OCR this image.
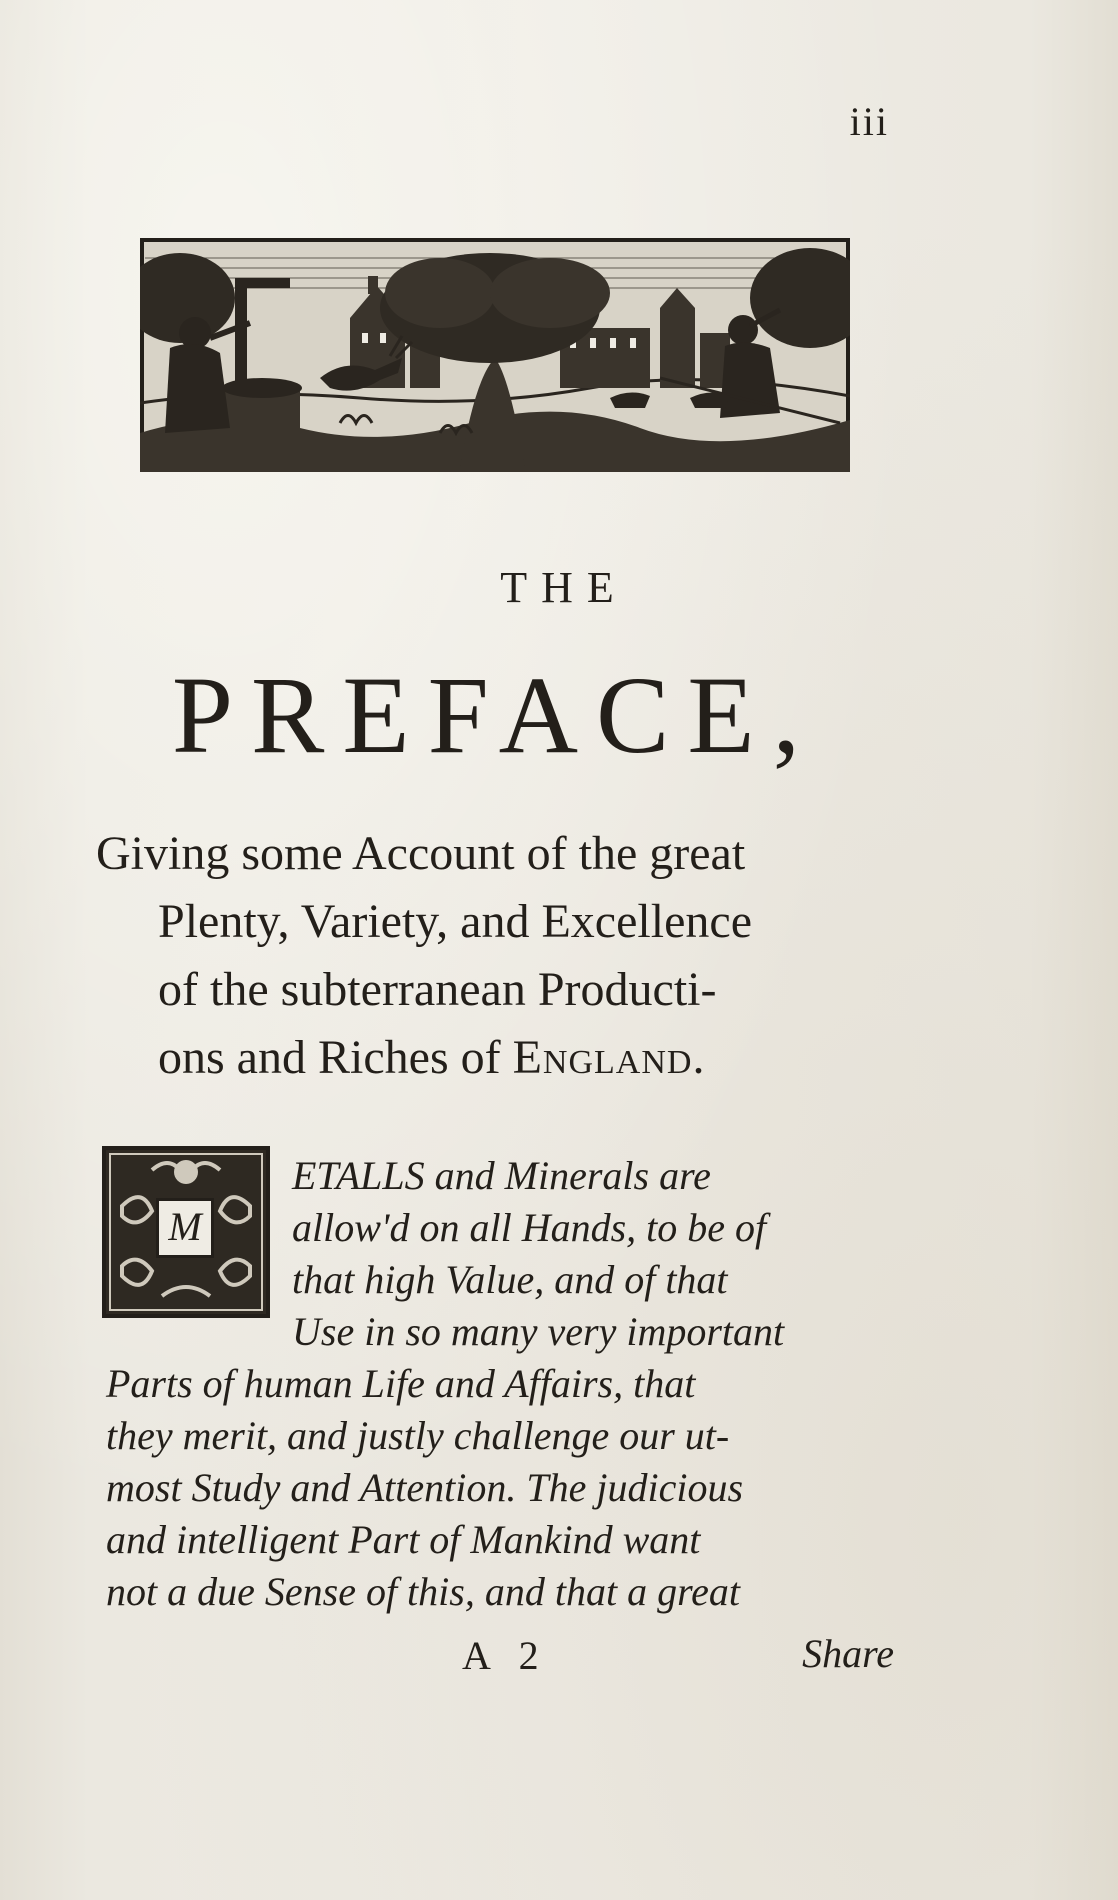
iii
THE
PREFACE,
Giving some Account of the great
Plenty, Variety, and Excellence
of the subterranean Producti-
ons and Riches of England.
M
ETALLS and Minerals are
allow'd on all Hands, to be of
that high Value, and of that
Use in so many very important
Parts of human Life and Affairs, that
they merit, and justly challenge our ut-
most Study and Attention. The judicious
and intelligent Part of Mankind want
not a due Sense of this, and that a great
A 2	Share
